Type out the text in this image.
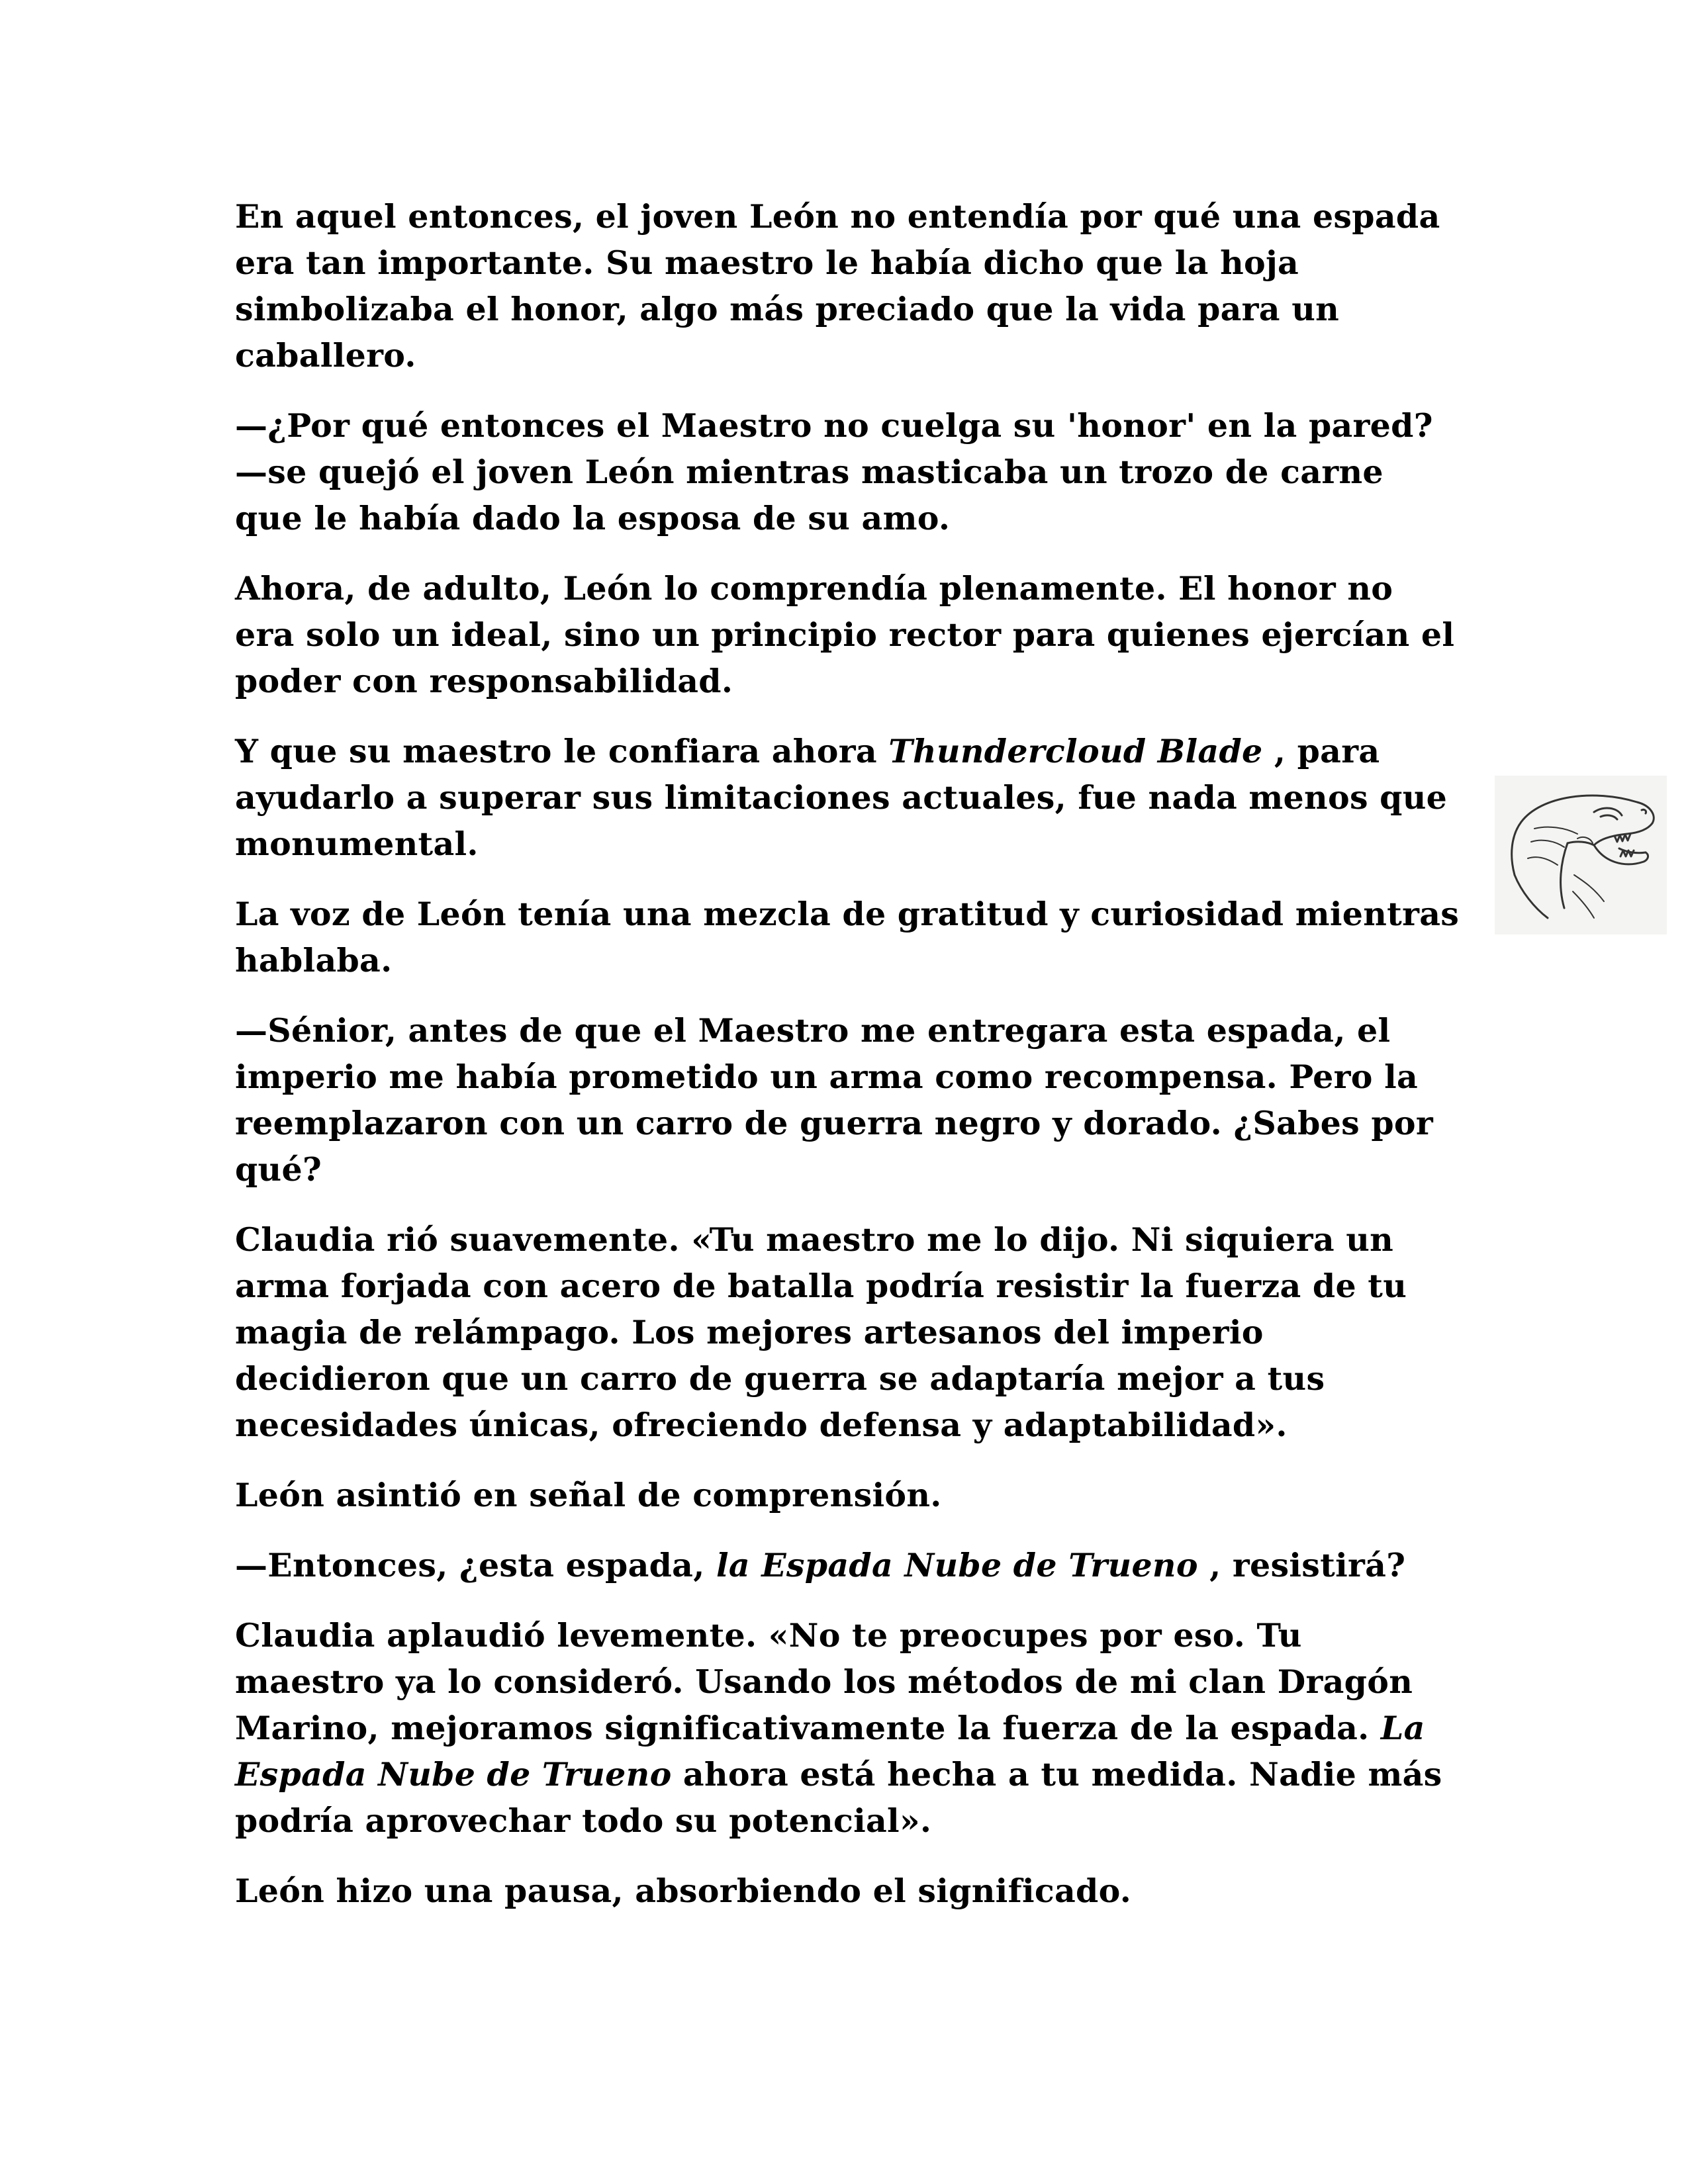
En aquel entonces, el joven León no entendía por qué una espada era tan importante. Su maestro le había dicho que la hoja simbolizaba el honor, algo más preciado que la vida para un caballero.

—¿Por qué entonces el Maestro no cuelga su 'honor' en la pared? —se quejó el joven León mientras masticaba un trozo de carne que le había dado la esposa de su amo.

Ahora, de adulto, León lo comprendía plenamente. El honor no era solo un ideal, sino un principio rector para quienes ejercían el poder con responsabilidad.

Y que su maestro le confiara ahora Thundercloud Blade , para ayudarlo a superar sus limitaciones actuales, fue nada menos que monumental.

La voz de León tenía una mezcla de gratitud y curiosidad mientras hablaba.

—Sénior, antes de que el Maestro me entregara esta espada, el imperio me había prometido un arma como recompensa. Pero la reemplazaron con un carro de guerra negro y dorado. ¿Sabes por qué?

Claudia rió suavemente. «Tu maestro me lo dijo. Ni siquiera un arma forjada con acero de batalla podría resistir la fuerza de tu magia de relámpago. Los mejores artesanos del imperio decidieron que un carro de guerra se adaptaría mejor a tus necesidades únicas, ofreciendo defensa y adaptabilidad».

León asintió en señal de comprensión.

—Entonces, ¿esta espada, la Espada Nube de Trueno , resistirá?

Claudia aplaudió levemente. «No te preocupes por eso. Tu maestro ya lo consideró. Usando los métodos de mi clan Dragón Marino, mejoramos significativamente la fuerza de la espada. La Espada Nube de Trueno ahora está hecha a tu medida. Nadie más podría aprovechar todo su potencial».

León hizo una pausa, absorbiendo el significado.
